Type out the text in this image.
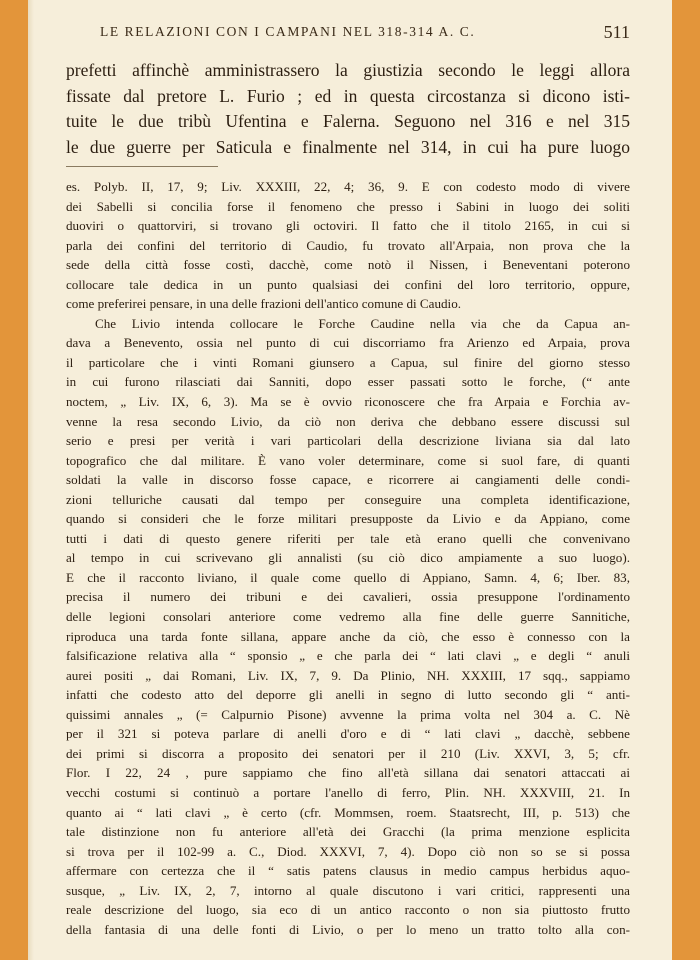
LE RELAZIONI CON I CAMPANI NEL 318-314 A. C.	511
prefetti affinchè amministrassero la giustizia secondo le leggi allora
fissate dal pretore L. Furio ; ed in questa circostanza si dicono isti-
tuite le due tribù Ufentina e Falerna. Seguono nel 316 e nel 315
le due guerre per Saticula e finalmente nel 314, in cui ha pure luogo
es. Polyb. II, 17, 9; Liv. XXXIII, 22, 4; 36, 9. E con codesto modo di vivere
dei Sabelli si concilia forse il fenomeno che presso i Sabini in luogo dei soliti
duoviri o quattorviri, si trovano gli octoviri. Il fatto che il titolo 2165, in cui si
parla dei confini del territorio di Caudio, fu trovato all'Arpaia, non prova che la
sede della città fosse costì, dacchè, come notò il Nissen, i Beneventani poterono
collocare tale dedica in un punto qualsiasi dei confini del loro territorio, oppure,
come preferirei pensare, in una delle frazioni dell'antico comune di Caudio.
Che Livio intenda collocare le Forche Caudine nella via che da Capua an-
dava a Benevento, ossia nel punto di cui discorriamo fra Arienzo ed Arpaia, prova
il particolare che i vinti Romani giunsero a Capua, sul finire del giorno stesso
in cui furono rilasciati dai Sanniti, dopo esser passati sotto le forche, (“ ante
noctem, „ Liv. IX, 6, 3). Ma se è ovvio riconoscere che fra Arpaia e Forchia av-
venne la resa secondo Livio, da ciò non deriva che debbano essere discussi sul
serio e presi per verità i vari particolari della descrizione liviana sia dal lato
topografico che dal militare. È vano voler determinare, come si suol fare, di quanti
soldati la valle in discorso fosse capace, e ricorrere ai cangiamenti delle condi-
zioni telluriche causati dal tempo per conseguire una completa identificazione,
quando si consideri che le forze militari presupposte da Livio e da Appiano, come
tutti i dati di questo genere riferiti per tale età erano quelli che convenivano
al tempo in cui scrivevano gli annalisti (su ciò dico ampiamente a suo luogo).
E che il racconto liviano, il quale come quello di Appiano, Samn. 4, 6; Iber. 83,
precisa il numero dei tribuni e dei cavalieri, ossia presuppone l'ordinamento
delle legioni consolari anteriore come vedremo alla fine delle guerre Sannitiche,
riproduca una tarda fonte sillana, appare anche da ciò, che esso è connesso con la
falsificazione relativa alla “ sponsio „ e che parla dei “ lati clavi „ e degli “ anuli
aurei positi „ dai Romani, Liv. IX, 7, 9. Da Plinio, NH. XXXIII, 17 sqq., sappiamo
infatti che codesto atto del deporre gli anelli in segno di lutto secondo gli “ anti-
quissimi annales „ (= Calpurnio Pisone) avvenne la prima volta nel 304 a. C. Nè
per il 321 si poteva parlare di anelli d'oro e di “ lati clavi „ dacchè, sebbene
dei primi si discorra a proposito dei senatori per il 210 (Liv. XXVI, 3, 5; cfr.
Flor. I 22, 24 , pure sappiamo che fino all'età sillana dai senatori attaccati ai
vecchi costumi si continuò a portare l'anello di ferro, Plin. NH. XXXVIII, 21. In
quanto ai “ lati clavi „ è certo (cfr. Mommsen, roem. Staatsrecht, III, p. 513) che
tale distinzione non fu anteriore all'età dei Gracchi (la prima menzione esplicita
si trova per il 102-99 a. C., Diod. XXXVI, 7, 4). Dopo ciò non so se si possa
affermare con certezza che il “ satis patens clausus in medio campus herbidus aquo-
susque, „ Liv. IX, 2, 7, intorno al quale discutono i vari critici, rappresenti una
reale descrizione del luogo, sia eco di un antico racconto o non sia piuttosto frutto
della fantasia di una delle fonti di Livio, o per lo meno un tratto tolto alla con-
